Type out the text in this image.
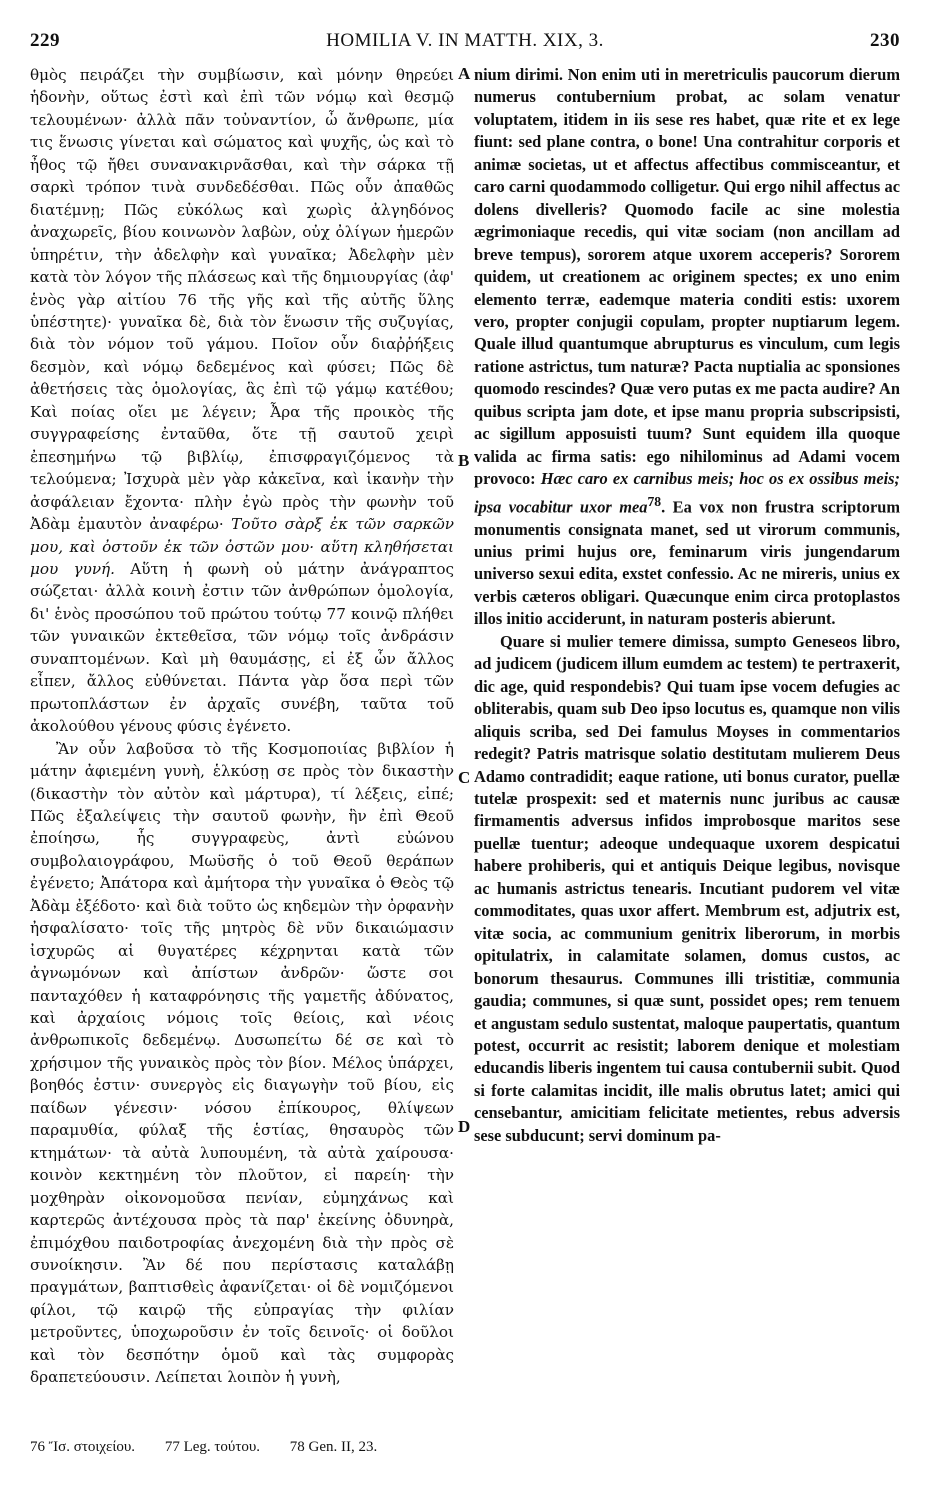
229	HOMILIA V. IN MATTH. XIX, 3.	230

θμὸς πειράζει τὴν συμβίωσιν, καὶ μόνην θηρεύει ἡδονὴν, οὕτως ἐστὶ καὶ ἐπὶ τῶν νόμῳ καὶ θεσμῷ τελουμένων· ἀλλὰ πᾶν τοὐναντίον, ὦ ἄνθρωπε, μία τις ἕνωσις γίνεται καὶ σώματος καὶ ψυχῆς, ὡς καὶ τὸ ἦθος τῷ ἤθει συνανακιρνᾶσθαι, καὶ τὴν σάρκα τῇ σαρκὶ τρόπον τινὰ συνδεδέσθαι. Πῶς οὖν ἀπαθῶς διατέμνῃ; Πῶς εὐκόλως καὶ χωρὶς ἀλγηδόνος ἀναχωρεῖς, βίου κοινωνὸν λαβὼν, οὐχ ὀλίγων ἡμερῶν ὑπηρέτιν, τὴν ἀδελφὴν καὶ γυναῖκα; Ἀδελφὴν μὲν κατὰ τὸν λόγον τῆς πλάσεως καὶ τῆς δημιουργίας (ἀφ' ἑνὸς γὰρ αἰτίου 76 τῆς γῆς καὶ τῆς αὐτῆς ὕλης ὑπέστητε)· γυναῖκα δὲ, διὰ τὸν ἕνωσιν τῆς συζυγίας, διὰ τὸν νόμον τοῦ γάμου. Ποῖον οὖν διαῤῥήξεις δεσμὸν, καὶ νόμῳ δεδεμένος καὶ φύσει; Πῶς δὲ ἀθετήσεις τὰς ὁμολογίας, ἃς ἐπὶ τῷ γάμῳ κατέθου; Καὶ ποίας οἴει με λέγειν; Ἆρα τῆς προικὸς τῆς συγγραφείσης ἐνταῦθα, ὅτε τῇ σαυτοῦ χειρὶ ἐπεσημήνω τῷ βιβλίῳ, ἐπισφραγιζόμενος τὰ τελούμενα; Ἰσχυρὰ μὲν γὰρ κἀκεῖνα, καὶ ἱκανὴν τὴν ἀσφάλειαν ἔχοντα· πλὴν ἐγὼ πρὸς τὴν φωνὴν τοῦ Ἀδὰμ ἐμαυτὸν ἀναφέρω· Τοῦτο σὰρξ ἐκ τῶν σαρκῶν μου, καὶ ὀστοῦν ἐκ τῶν ὀστῶν μου· αὕτη κληθήσεται μου γυνή. Αὕτη ἡ φωνὴ οὐ μάτην ἀνάγραπτος σώζεται· ἀλλὰ κοινὴ ἐστιν τῶν ἀνθρώπων ὁμολογία, δι' ἑνὸς προσώπου τοῦ πρώτου τούτῳ 77 κοινῷ πλήθει τῶν γυναικῶν ἐκτεθεῖσα, τῶν νόμῳ τοῖς ἀνδράσιν συναπτομένων. Καὶ μὴ θαυμάσῃς, εἰ ἐξ ὧν ἄλλος εἶπεν, ἄλλος εὐθύνεται. Πάντα γὰρ ὅσα περὶ τῶν πρωτοπλάστων ἐν ἀρχαῖς συνέβη, ταῦτα τοῦ ἀκολούθου γένους φύσις ἐγένετο.

Ἂν οὖν λαβοῦσα τὸ τῆς Κοσμοποιίας βιβλίον ἡ μάτην ἀφιεμένη γυνὴ, ἑλκύσῃ σε πρὸς τὸν δικαστὴν (δικαστὴν τὸν αὐτὸν καὶ μάρτυρα), τί λέξεις, εἰπέ; Πῶς ἐξαλείψεις τὴν σαυτοῦ φωνὴν, ἣν ἐπὶ Θεοῦ ἐποίησω, ἧς συγγραφεὺς, ἀντὶ εὐώνου συμβολαιογράφου, Μωϋσῆς ὁ τοῦ Θεοῦ θεράπων ἐγένετο; Ἀπάτορα καὶ ἀμήτορα τὴν γυναῖκα ὁ Θεὸς τῷ Ἀδὰμ ἐξέδοτο· καὶ διὰ τοῦτο ὡς κηδεμὼν τὴν ὀρφανὴν ἠσφαλίσατο· τοῖς τῆς μητρὸς δὲ νῦν δικαιώμασιν ἰσχυρῶς αἱ θυγατέρες κέχρηνται κατὰ τῶν ἀγνωμόνων καὶ ἀπίστων ἀνδρῶν· ὥστε σοι πανταχόθεν ἡ καταφρόνησις τῆς γαμετῆς ἀδύνατος, καὶ ἀρχαίοις νόμοις τοῖς θείοις, καὶ νέοις ἀνθρωπικοῖς δεδεμένῳ. Δυσωπείτω δέ σε καὶ τὸ χρήσιμον τῆς γυναικὸς πρὸς τὸν βίον. Μέλος ὑπάρχει, βοηθός ἐστιν· συνεργὸς εἰς διαγωγὴν τοῦ βίου, εἰς παίδων γένεσιν· νόσου ἐπίκουρος, θλίψεων παραμυθία, φύλαξ τῆς ἑστίας, θησαυρὸς τῶν κτημάτων· τὰ αὐτὰ λυπουμένη, τὰ αὐτὰ χαίρουσα· κοινὸν κεκτημένη τὸν πλοῦτον, εἰ παρείη· τὴν μοχθηρὰν οἰκονομοῦσα πενίαν, εὐμηχάνως καὶ καρτερῶς ἀντέχουσα πρὸς τὰ παρ' ἐκείνης ὀδυνηρὰ, ἐπιμόχθου παιδοτροφίας ἀνεχομένη διὰ τὴν πρὸς σὲ συνοίκησιν. Ἂν δέ που περίστασις καταλάβῃ πραγμάτων, βαπτισθεὶς ἀφανίζεται· οἱ δὲ νομιζόμενοι φίλοι, τῷ καιρῷ τῆς εὐπραγίας τὴν φιλίαν μετροῦντες, ὑποχωροῦσιν ἐν τοῖς δεινοῖς· οἱ δοῦλοι καὶ τὸν δεσπότην ὁμοῦ καὶ τὰς συμφορὰς δραπετεύουσιν. Λείπεται λοιπὸν ἡ γυνὴ,

A
B
C
D

nium dirimi. Non enim uti in meretriculis paucorum dierum numerus contubernium probat, ac solam venatur voluptatem, itidem in iis sese res habet, quæ rite et ex lege fiunt: sed plane contra, o bone! Una contrahitur corporis et animæ societas, ut et affectus affectibus commisceantur, et caro carni quodammodo colligetur. Qui ergo nihil affectus ac dolens divelleris? Quomodo facile ac sine molestia ægrimoniaque recedis, qui vitæ sociam (non ancillam ad breve tempus), sororem atque uxorem acceperis? Sororem quidem, ut creationem ac originem spectes; ex uno enim elemento terræ, eademque materia conditi estis: uxorem vero, propter conjugii copulam, propter nuptiarum legem. Quale illud quantumque abrupturus es vinculum, cum legis ratione astrictus, tum naturæ? Pacta nuptialia ac sponsiones quomodo rescindes? Quæ vero putas ex me pacta audire? An quibus scripta jam dote, et ipse manu propria subscripsisti, ac sigillum apposuisti tuum? Sunt equidem illa quoque valida ac firma satis: ego nihilominus ad Adami vocem provoco: Hæc caro ex carnibus meis; hoc os ex ossibus meis; ipsa vocabitur uxor mea$^{78}$. Ea vox non frustra scriptorum monumentis consignata manet, sed ut virorum communis, unius primi hujus ore, feminarum viris jungendarum universo sexui edita, exstet confessio. Ac ne mireris, unius ex verbis cæteros obligari. Quæcunque enim circa protoplastos illos initio acciderunt, in naturam posteris abierunt.

Quare si mulier temere dimissa, sumpto Geneseos libro, ad judicem (judicem illum eumdem ac testem) te pertraxerit, dic age, quid respondebis? Qui tuam ipse vocem defugies ac obliterabis, quam sub Deo ipso locutus es, quamque non vilis aliquis scriba, sed Dei famulus Moyses in commentarios redegit? Patris matrisque solatio destitutam mulierem Deus Adamo contradidit; eaque ratione, uti bonus curator, puellæ tutelæ prospexit: sed et maternis nunc juribus ac causæ firmamentis adversus infidos improbosque maritos sese puellæ tuentur; adeoque undequaque uxorem despicatui habere prohiberis, qui et antiquis Deique legibus, novisque ac humanis astrictus tenearis. Incutiant pudorem vel vitæ commoditates, quas uxor affert. Membrum est, adjutrix est, vitæ socia, ac communium genitrix liberorum, in morbis opitulatrix, in calamitate solamen, domus custos, ac bonorum thesaurus. Communes illi tristitiæ, communia gaudia; communes, si quæ sunt, possidet opes; rem tenuem et angustam sedulo sustentat, maloque paupertatis, quantum potest, occurrit ac resistit; laborem denique et molestiam educandis liberis ingentem tui causa contubernii subit. Quod si forte calamitas incidit, ille malis obrutus latet; amici qui censebantur, amicitiam felicitate metientes, rebus adversis sese subducunt; servi dominum pa-

76 Ἴσ. στοιχείου. 77 Leg. τούτου. 78 Gen. II, 23.
